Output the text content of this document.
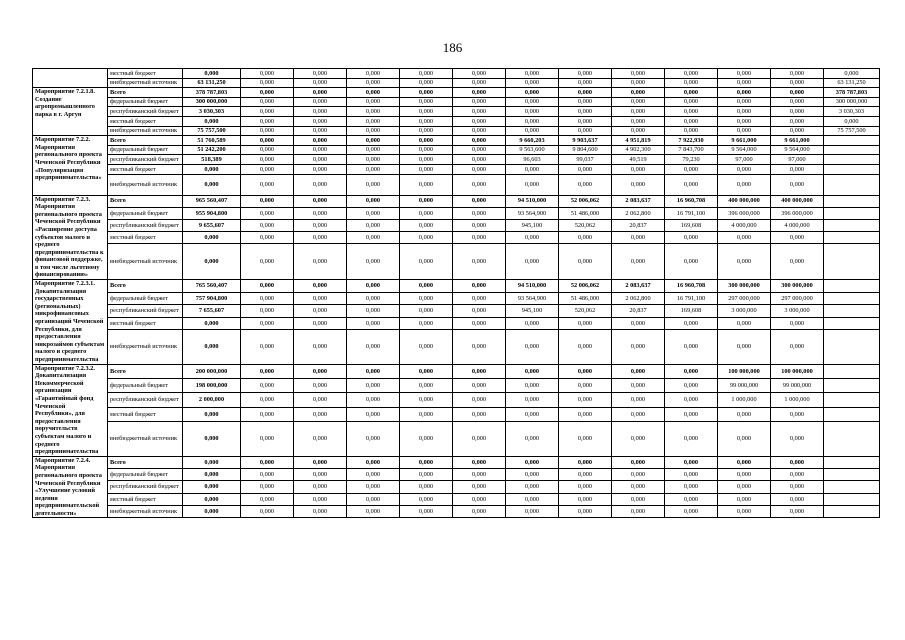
186
	местный бюджет	0,000	0,000	0,000	0,000	0,000	0,000	0,000	0,000	0,000	0,000	0,000	0,000	0,000
	внебюджетный источник	63 131,250	0,000	0,000	0,000	0,000	0,000	0,000	0,000	0,000	0,000	0,000	0,000	63 131,250
Мароприятие 7.2.1.8. Создание агропромышленного парка в г. Аргун	Всего	378 787,803	0,000	0,000	0,000	0,000	0,000	0,000	0,000	0,000	0,000	0,000	0,000	378 787,803
	федеральный бюджет	300 000,000	0,000	0,000	0,000	0,000	0,000	0,000	0,000	0,000	0,000	0,000	0,000	300 000,000
	республиканский бюджет	3 030,303	0,000	0,000	0,000	0,000	0,000	0,000	0,000	0,000	0,000	0,000	0,000	3 030,303
	местный бюджет	0,000	0,000	0,000	0,000	0,000	0,000	0,000	0,000	0,000	0,000	0,000	0,000	0,000
	внебюджетный источник	75 757,500	0,000	0,000	0,000	0,000	0,000	0,000	0,000	0,000	0,000	0,000	0,000	75 757,500
Мароприятие 7.2.2. Мароприятия регионального проекта Чеченской Республики «Популяризация предпринимательства»	Всего	51 760,589	0,000	0,000	0,000	0,000	0,000	9 660,203	9 903,637	4 951,819	7 922,930	9 661,000	9 661,000	
	федеральный бюджет	51 242,200	0,000	0,000	0,000	0,000	0,000	9 563,600	9 804,600	4 902,300	7 843,700	9 564,000	9 564,000	
	республиканский бюджет	518,389	0,000	0,000	0,000	0,000	0,000	96,603	99,037	49,519	79,230	97,000	97,000	
	местный бюджет	0,000	0,000	0,000	0,000	0,000	0,000	0,000	0,000	0,000	0,000	0,000	0,000	
	внебюджетный источник	0,000	0,000	0,000	0,000	0,000	0,000	0,000	0,000	0,000	0,000	0,000	0,000	
Мароприятие 7.2.3. Мароприятия регионального проекта Чеченской Республики «Расширение доступа субъектов малого и среднего предпринимательства к финансовой поддержке, в том числе льготному финансированию»	Всего	965 560,407	0,000	0,000	0,000	0,000	0,000	94 510,000	52 006,062	2 083,637	16 960,708	400 000,000	400 000,000	
	федеральный бюджет	955 904,800	0,000	0,000	0,000	0,000	0,000	93 564,900	51 486,000	2 062,800	16 791,100	396 000,000	396 000,000	
	республиканский бюджет	9 655,607	0,000	0,000	0,000	0,000	0,000	945,100	520,062	20,837	169,608	4 000,000	4 000,000	
	местный бюджет	0,000	0,000	0,000	0,000	0,000	0,000	0,000	0,000	0,000	0,000	0,000	0,000	
	внебюджетный источник	0,000	0,000	0,000	0,000	0,000	0,000	0,000	0,000	0,000	0,000	0,000	0,000	
Мароприятие 7.2.3.1. Докапитализация государственных (региональных) микрофинансовых организаций Чеченской Республики, для предоставления микрозаймов субъектам малого и среднего предпринимательства	Всего	765 560,407	0,000	0,000	0,000	0,000	0,000	94 510,000	52 006,062	2 083,637	16 960,708	300 000,000	300 000,000	
	федеральный бюджет	757 904,800	0,000	0,000	0,000	0,000	0,000	93 564,900	51 486,000	2 062,800	16 791,100	297 000,000	297 000,000	
	республиканский бюджет	7 655,607	0,000	0,000	0,000	0,000	0,000	945,100	520,062	20,837	169,608	3 000,000	3 000,000	
	местный бюджет	0,000	0,000	0,000	0,000	0,000	0,000	0,000	0,000	0,000	0,000	0,000	0,000	
	внебюджетный источник	0,000	0,000	0,000	0,000	0,000	0,000	0,000	0,000	0,000	0,000	0,000	0,000	
Мароприятие 7.2.3.2. Докапитализация Некоммерческой организации «Гарантийный фонд Чеченской Республики», для предоставления поручительств субъектам малого и среднего предпринимательства	Всего	200 000,000	0,000	0,000	0,000	0,000	0,000	0,000	0,000	0,000	0,000	100 000,000	100 000,000	
	федеральный бюджет	198 000,000	0,000	0,000	0,000	0,000	0,000	0,000	0,000	0,000	0,000	99 000,000	99 000,000	
	республиканский бюджет	2 000,000	0,000	0,000	0,000	0,000	0,000	0,000	0,000	0,000	0,000	1 000,000	1 000,000	
	местный бюджет	0,000	0,000	0,000	0,000	0,000	0,000	0,000	0,000	0,000	0,000	0,000	0,000	
	внебюджетный источник	0,000	0,000	0,000	0,000	0,000	0,000	0,000	0,000	0,000	0,000	0,000	0,000	
Мароприятие 7.2.4. Мароприятия регионального проекта Чеченской Республики «Улучшение условий ведения предпринимательской деятельности»	Всего	0,000	0,000	0,000	0,000	0,000	0,000	0,000	0,000	0,000	0,000	0,000	0,000	
	федеральный бюджет	0,000	0,000	0,000	0,000	0,000	0,000	0,000	0,000	0,000	0,000	0,000	0,000	
	республиканский бюджет	0,000	0,000	0,000	0,000	0,000	0,000	0,000	0,000	0,000	0,000	0,000	0,000	
	местный бюджет	0,000	0,000	0,000	0,000	0,000	0,000	0,000	0,000	0,000	0,000	0,000	0,000	
	внебюджетный источник	0,000	0,000	0,000	0,000	0,000	0,000	0,000	0,000	0,000	0,000	0,000	0,000	
